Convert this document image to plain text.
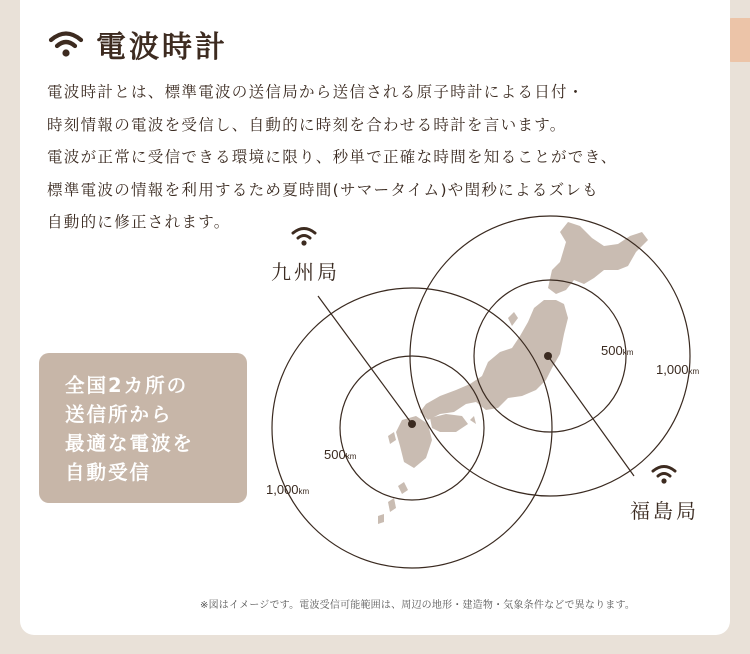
電波時計

電波時計とは、標準電波の送信局から送信される原子時計による日付・

時刻情報の電波を受信し、自動的に時刻を合わせる時計を言います。

電波が正常に受信できる環境に限り、秒単で正確な時間を知ることができ、

標準電波の情報を利用するため夏時間(サマータイム)や閏秒によるズレも

自動的に修正されます。

九州局
福島局
500km
1,000km
500km
1,000km
全国2カ所の
送信所から
最適な電波を
自動受信
※図はイメージです。電波受信可能範囲は、周辺の地形・建造物・気象条件などで異なります。
